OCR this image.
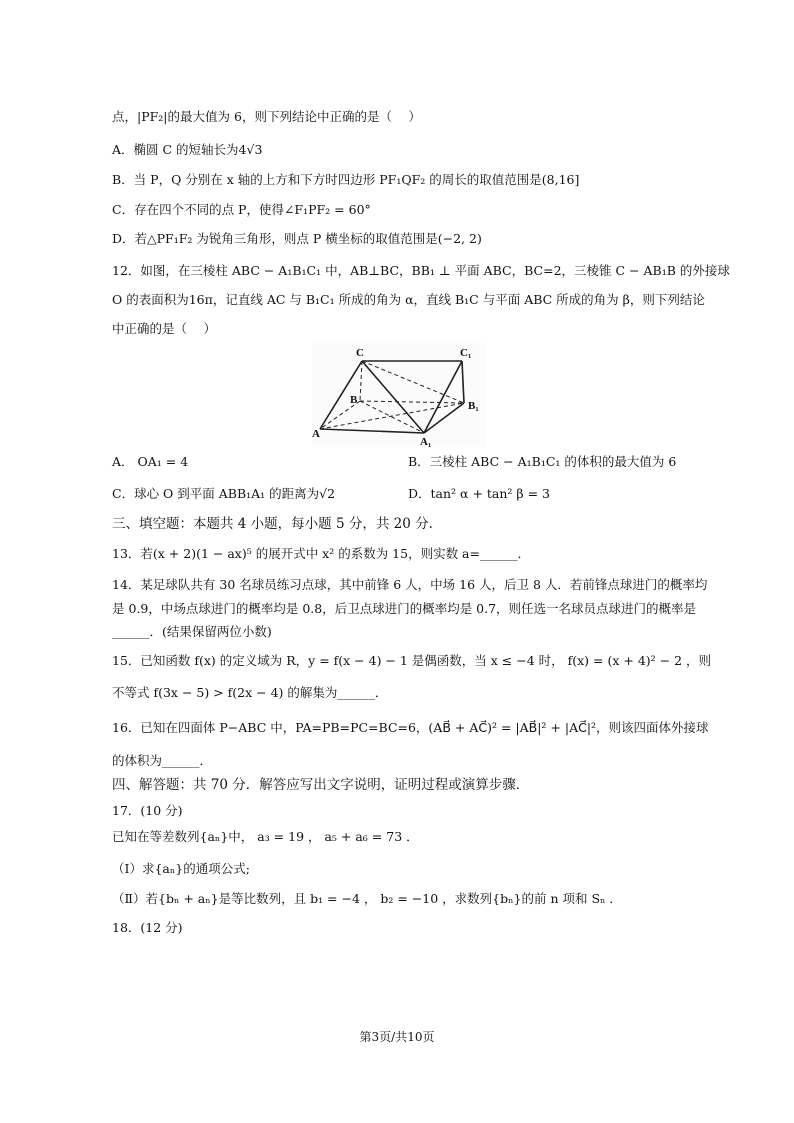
点，|PF₂|的最大值为 6，则下列结论中正确的是（　 ）
A．椭圆 C 的短轴长为4√3
B．当 P，Q 分别在 x 轴的上方和下方时四边形 PF₁QF₂ 的周长的取值范围是(8,16]
C．存在四个不同的点 P，使得∠F₁PF₂ = 60°
D．若△PF₁F₂ 为锐角三角形，则点 P 横坐标的取值范围是(−2, 2)
12．如图，在三棱柱 ABC − A₁B₁C₁ 中，AB⊥BC，BB₁ ⊥ 平面 ABC，BC=2，三棱锥 C − AB₁B 的外接球
O 的表面积为16π，记直线 AC 与 B₁C₁ 所成的角为 α，直线 B₁C 与平面 ABC 所成的角为 β，则下列结论
中正确的是（　 ）
C	C₁
B	B₁
A
A₁
A． OA₁ = 4	B．三棱柱 ABC − A₁B₁C₁ 的体积的最大值为 6
C．球心 O 到平面 ABB₁A₁ 的距离为√2	D．tan² α + tan² β = 3
三、填空题：本题共 4 小题，每小题 5 分，共 20 分．
13．若(x + 2)(1 − ax)⁵ 的展开式中 x² 的系数为 15，则实数 a=______．
14．某足球队共有 30 名球员练习点球，其中前锋 6 人，中场 16 人，后卫 8 人．若前锋点球进门的概率均
是 0.9，中场点球进门的概率均是 0.8，后卫点球进门的概率均是 0.7，则任选一名球员点球进门的概率是
______．(结果保留两位小数)
15．已知函数 f(x) 的定义域为 R，y = f(x − 4) − 1 是偶函数，当 x ≤ −4 时， f(x) = (x + 4)² − 2 ，则
不等式 f(3x − 5) > f(2x − 4) 的解集为______．
16．已知在四面体 P−ABC 中，PA=PB=PC=BC=6，(AB⃗ + AC⃗)² = |AB⃗|² + |AC⃗|²，则该四面体外接球
的体积为______．
四、解答题：共 70 分．解答应写出文字说明，证明过程或演算步骤．
17．(10 分)
已知在等差数列{aₙ}中， a₃ = 19 ， a₅ + a₆ = 73 ．
（Ⅰ）求{aₙ}的通项公式;
（Ⅱ）若{bₙ + aₙ}是等比数列，且 b₁ = −4 ， b₂ = −10 ，求数列{bₙ}的前 n 项和 Sₙ ．
18．(12 分)
第3页/共10页
